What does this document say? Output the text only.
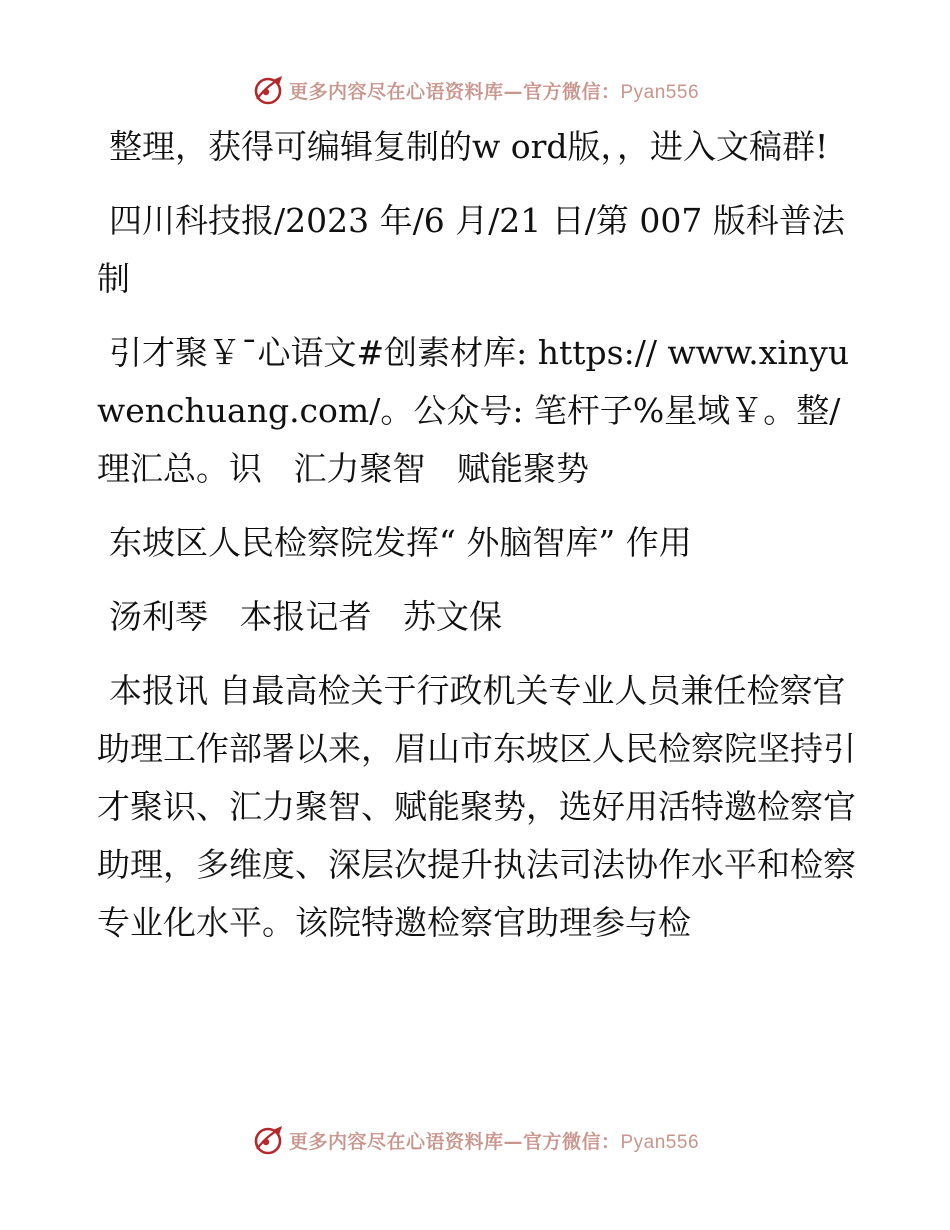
更多内容尽在心语资料库—官方微信：Pyan556

整理，获得可编辑复制的w ord版，，进入文稿群!

四川科技报/2023 年/6 月/21 日/第 007 版科普法制

引才聚￥¯心语文#创素材库: https:// www.xinyuwenchuang.com/。公众号: 笔杆子%星域￥。整/理汇总。识   汇力聚智   赋能聚势

东坡区人民检察院发挥“ 外脑智库” 作用

汤利琴   本报记者   苏文保

本报讯 自最高检关于行政机关专业人员兼任检察官助理工作部署以来，眉山市东坡区人民检察院坚持引才聚识、汇力聚智、赋能聚势，选好用活特邀检察官助理，多维度、深层次提升执法司法协作水平和检察专业化水平。该院特邀检察官助理参与检

更多内容尽在心语资料库—官方微信：Pyan556
